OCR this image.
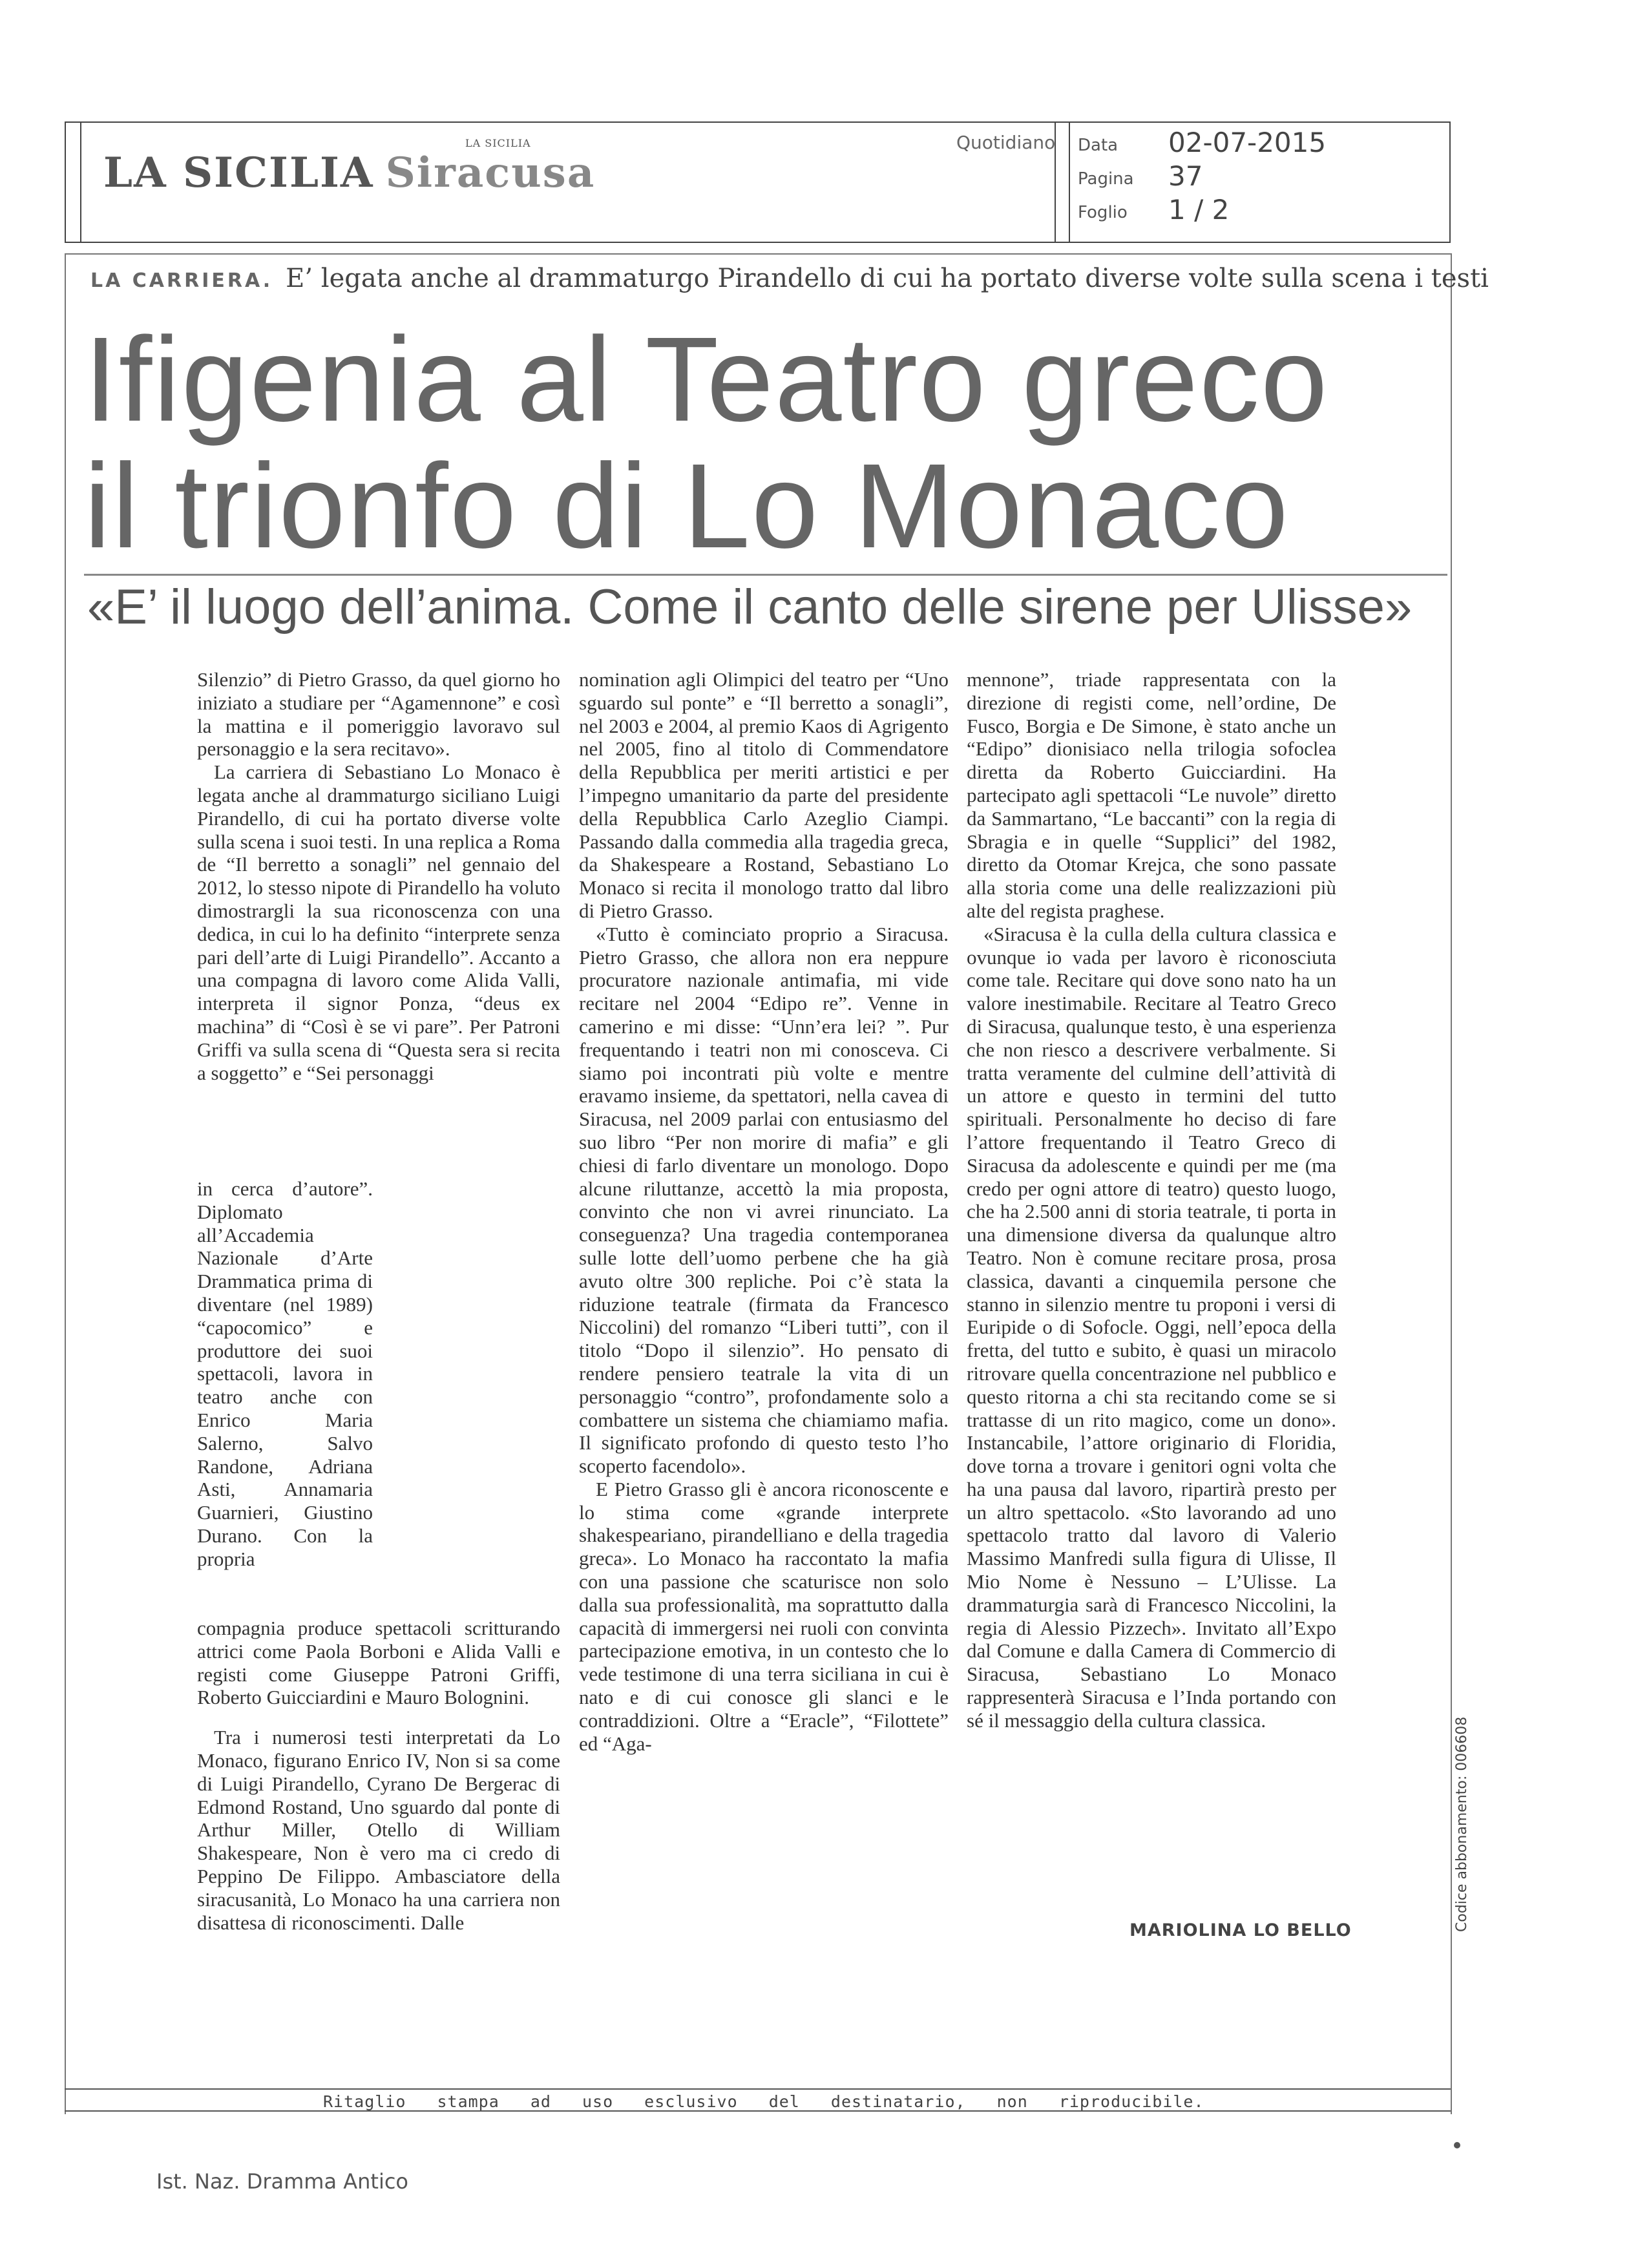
LA SICILIA Siracusa
LA SICILIA	Quotidiano Data 02-07-2015
Pagina 37
Foglio 1 / 2
LA CARRIERA. E’ legata anche al drammaturgo Pirandello di cui ha portato diverse volte sulla scena i testi
Ifigenia al Teatro greco
il trionfo di Lo Monaco
«E’ il luogo dell’anima. Come il canto delle sirene per Ulisse»

Silenzio” di Pietro Grasso, da quel giorno ho iniziato a studiare per “Agamennone” e così la mattina e il pomeriggio lavoravo sul personaggio e la sera recitavo».

La carriera di Sebastiano Lo Monaco è legata anche al drammaturgo siciliano Luigi Pirandello, di cui ha portato diverse volte sulla scena i suoi testi. In una replica a Roma de “Il berretto a sonagli” nel gennaio del 2012, lo stesso nipote di Pirandello ha voluto dimostrargli la sua riconoscenza con una dedica, in cui lo ha definito “interprete senza pari dell’arte di Luigi Pirandello”. Accanto a una compagna di lavoro come Alida Valli, interpreta il signor Ponza, “deus ex machina” di “Così è se vi pare”. Per Patroni Griffi va sulla scena di “Questa sera si recita a soggetto” e “Sei personaggi

in cerca d’autore”. Diplomato all’Accademia Nazionale d’Arte Drammatica prima di diventare (nel 1989) “capocomico” e produttore dei suoi spettacoli, lavora in teatro anche con Enrico Maria Salerno, Salvo Randone, Adriana Asti, Annamaria Guarnieri, Giustino Durano. Con la propria

compagnia produce spettacoli scritturando attrici come Paola Borboni e Alida Valli e registi come Giuseppe Patroni Griffi, Roberto Guicciardini e Mauro Bolognini.

Tra i numerosi testi interpretati da Lo Monaco, figurano Enrico IV, Non si sa come di Luigi Pirandello, Cyrano De Bergerac di Edmond Rostand, Uno sguardo dal ponte di Arthur Miller, Otello di William Shakespeare, Non è vero ma ci credo di Peppino De Filippo. Ambasciatore della siracusanità, Lo Monaco ha una carriera non disattesa di riconoscimenti. Dalle

nomination agli Olimpici del teatro per “Uno sguardo sul ponte” e “Il berretto a sonagli”, nel 2003 e 2004, al premio Kaos di Agrigento nel 2005, fino al titolo di Commendatore della Repubblica per meriti artistici e per l’impegno umanitario da parte del presidente della Repubblica Carlo Azeglio Ciampi. Passando dalla commedia alla tragedia greca, da Shakespeare a Rostand, Sebastiano Lo Monaco si recita il monologo tratto dal libro di Pietro Grasso.

«Tutto è cominciato proprio a Siracusa. Pietro Grasso, che allora non era neppure procuratore nazionale antimafia, mi vide recitare nel 2004 “Edipo re”. Venne in camerino e mi disse: “Unn’era lei? ”. Pur frequentando i teatri non mi conosceva. Ci siamo poi incontrati più volte e mentre eravamo insieme, da spettatori, nella cavea di Siracusa, nel 2009 parlai con entusiasmo del suo libro “Per non morire di mafia” e gli chiesi di farlo diventare un monologo. Dopo alcune riluttanze, accettò la mia proposta, convinto che non vi avrei rinunciato. La conseguenza? Una tragedia contemporanea sulle lotte dell’uomo perbene che ha già avuto oltre 300 repliche. Poi c’è stata la riduzione teatrale (firmata da Francesco Niccolini) del romanzo “Liberi tutti”, con il titolo “Dopo il silenzio”. Ho pensato di rendere pensiero teatrale la vita di un personaggio “contro”, profondamente solo a combattere un sistema che chiamiamo mafia. Il significato profondo di questo testo l’ho scoperto facendolo».

E Pietro Grasso gli è ancora riconoscente e lo stima come «grande interprete shakespeariano, pirandelliano e della tragedia greca». Lo Monaco ha raccontato la mafia con una passione che scaturisce non solo dalla sua professionalità, ma soprattutto dalla capacità di immergersi nei ruoli con convinta partecipazione emotiva, in un contesto che lo vede testimone di una terra siciliana in cui è nato e di cui conosce gli slanci e le contraddizioni. Oltre a “Eracle”, “Filottete” ed “Aga-

mennone”, triade rappresentata con la direzione di registi come, nell’ordine, De Fusco, Borgia e De Simone, è stato anche un “Edipo” dionisiaco nella trilogia sofoclea diretta da Roberto Guicciardini. Ha partecipato agli spettacoli “Le nuvole” diretto da Sammartano, “Le baccanti” con la regia di Sbragia e in quelle “Supplici” del 1982, diretto da Otomar Krejca, che sono passate alla storia come una delle realizzazioni più alte del regista praghese.

«Siracusa è la culla della cultura classica e ovunque io vada per lavoro è riconosciuta come tale. Recitare qui dove sono nato ha un valore inestimabile. Recitare al Teatro Greco di Siracusa, qualunque testo, è una esperienza che non riesco a descrivere verbalmente. Si tratta veramente del culmine dell’attività di un attore e questo in termini del tutto spirituali. Personalmente ho deciso di fare l’attore frequentando il Teatro Greco di Siracusa da adolescente e quindi per me (ma credo per ogni attore di teatro) questo luogo, che ha 2.500 anni di storia teatrale, ti porta in una dimensione diversa da qualunque altro Teatro. Non è comune recitare prosa, prosa classica, davanti a cinquemila persone che stanno in silenzio mentre tu proponi i versi di Euripide o di Sofocle. Oggi, nell’epoca della fretta, del tutto e subito, è quasi un miracolo ritrovare quella concentrazione nel pubblico e questo ritorna a chi sta recitando come se si trattasse di un rito magico, come un dono». Instancabile, l’attore originario di Floridia, dove torna a trovare i genitori ogni volta che ha una pausa dal lavoro, ripartirà presto per un altro spettacolo. «Sto lavorando ad uno spettacolo tratto dal lavoro di Valerio Massimo Manfredi sulla figura di Ulisse, Il Mio Nome è Nessuno – L’Ulisse. La drammaturgia sarà di Francesco Niccolini, la regia di Alessio Pizzech». Invitato all’Expo dal Comune e dalla Camera di Commercio di Siracusa, Sebastiano Lo Monaco rappresenterà Siracusa e l’Inda portando con sé il messaggio della cultura classica.

MARIOLINA LO BELLO	Codice abbonamento: 006608
Ritaglio stampa ad uso esclusivo del destinatario, non riproducibile.
Ist. Naz. Dramma Antico
